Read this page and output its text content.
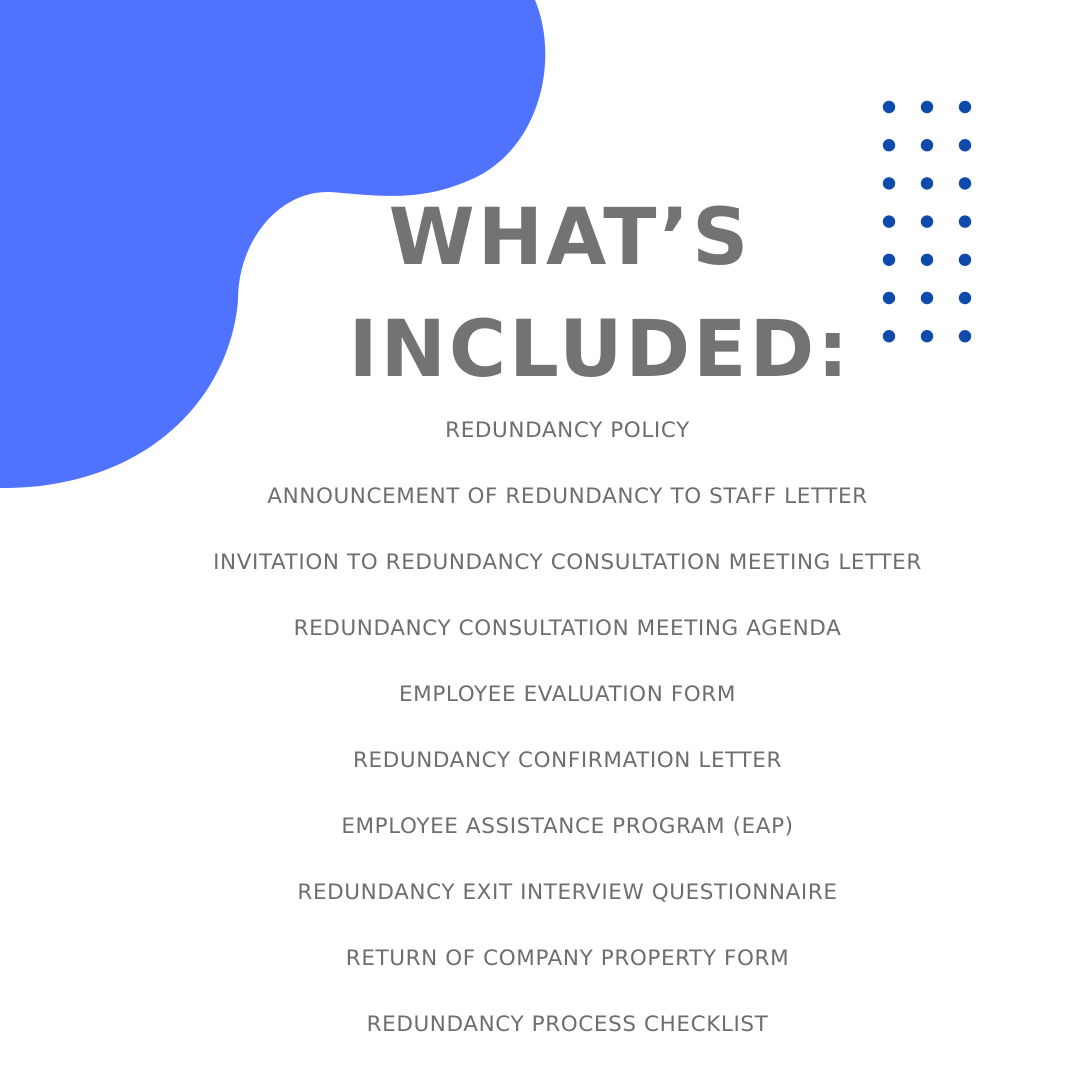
WHAT’S
INCLUDED:
REDUNDANCY POLICY
ANNOUNCEMENT OF REDUNDANCY TO STAFF LETTER
INVITATION TO REDUNDANCY CONSULTATION MEETING LETTER
REDUNDANCY CONSULTATION MEETING AGENDA
EMPLOYEE EVALUATION FORM
REDUNDANCY CONFIRMATION LETTER
EMPLOYEE ASSISTANCE PROGRAM (EAP)
REDUNDANCY EXIT INTERVIEW QUESTIONNAIRE
RETURN OF COMPANY PROPERTY FORM
REDUNDANCY PROCESS CHECKLIST
